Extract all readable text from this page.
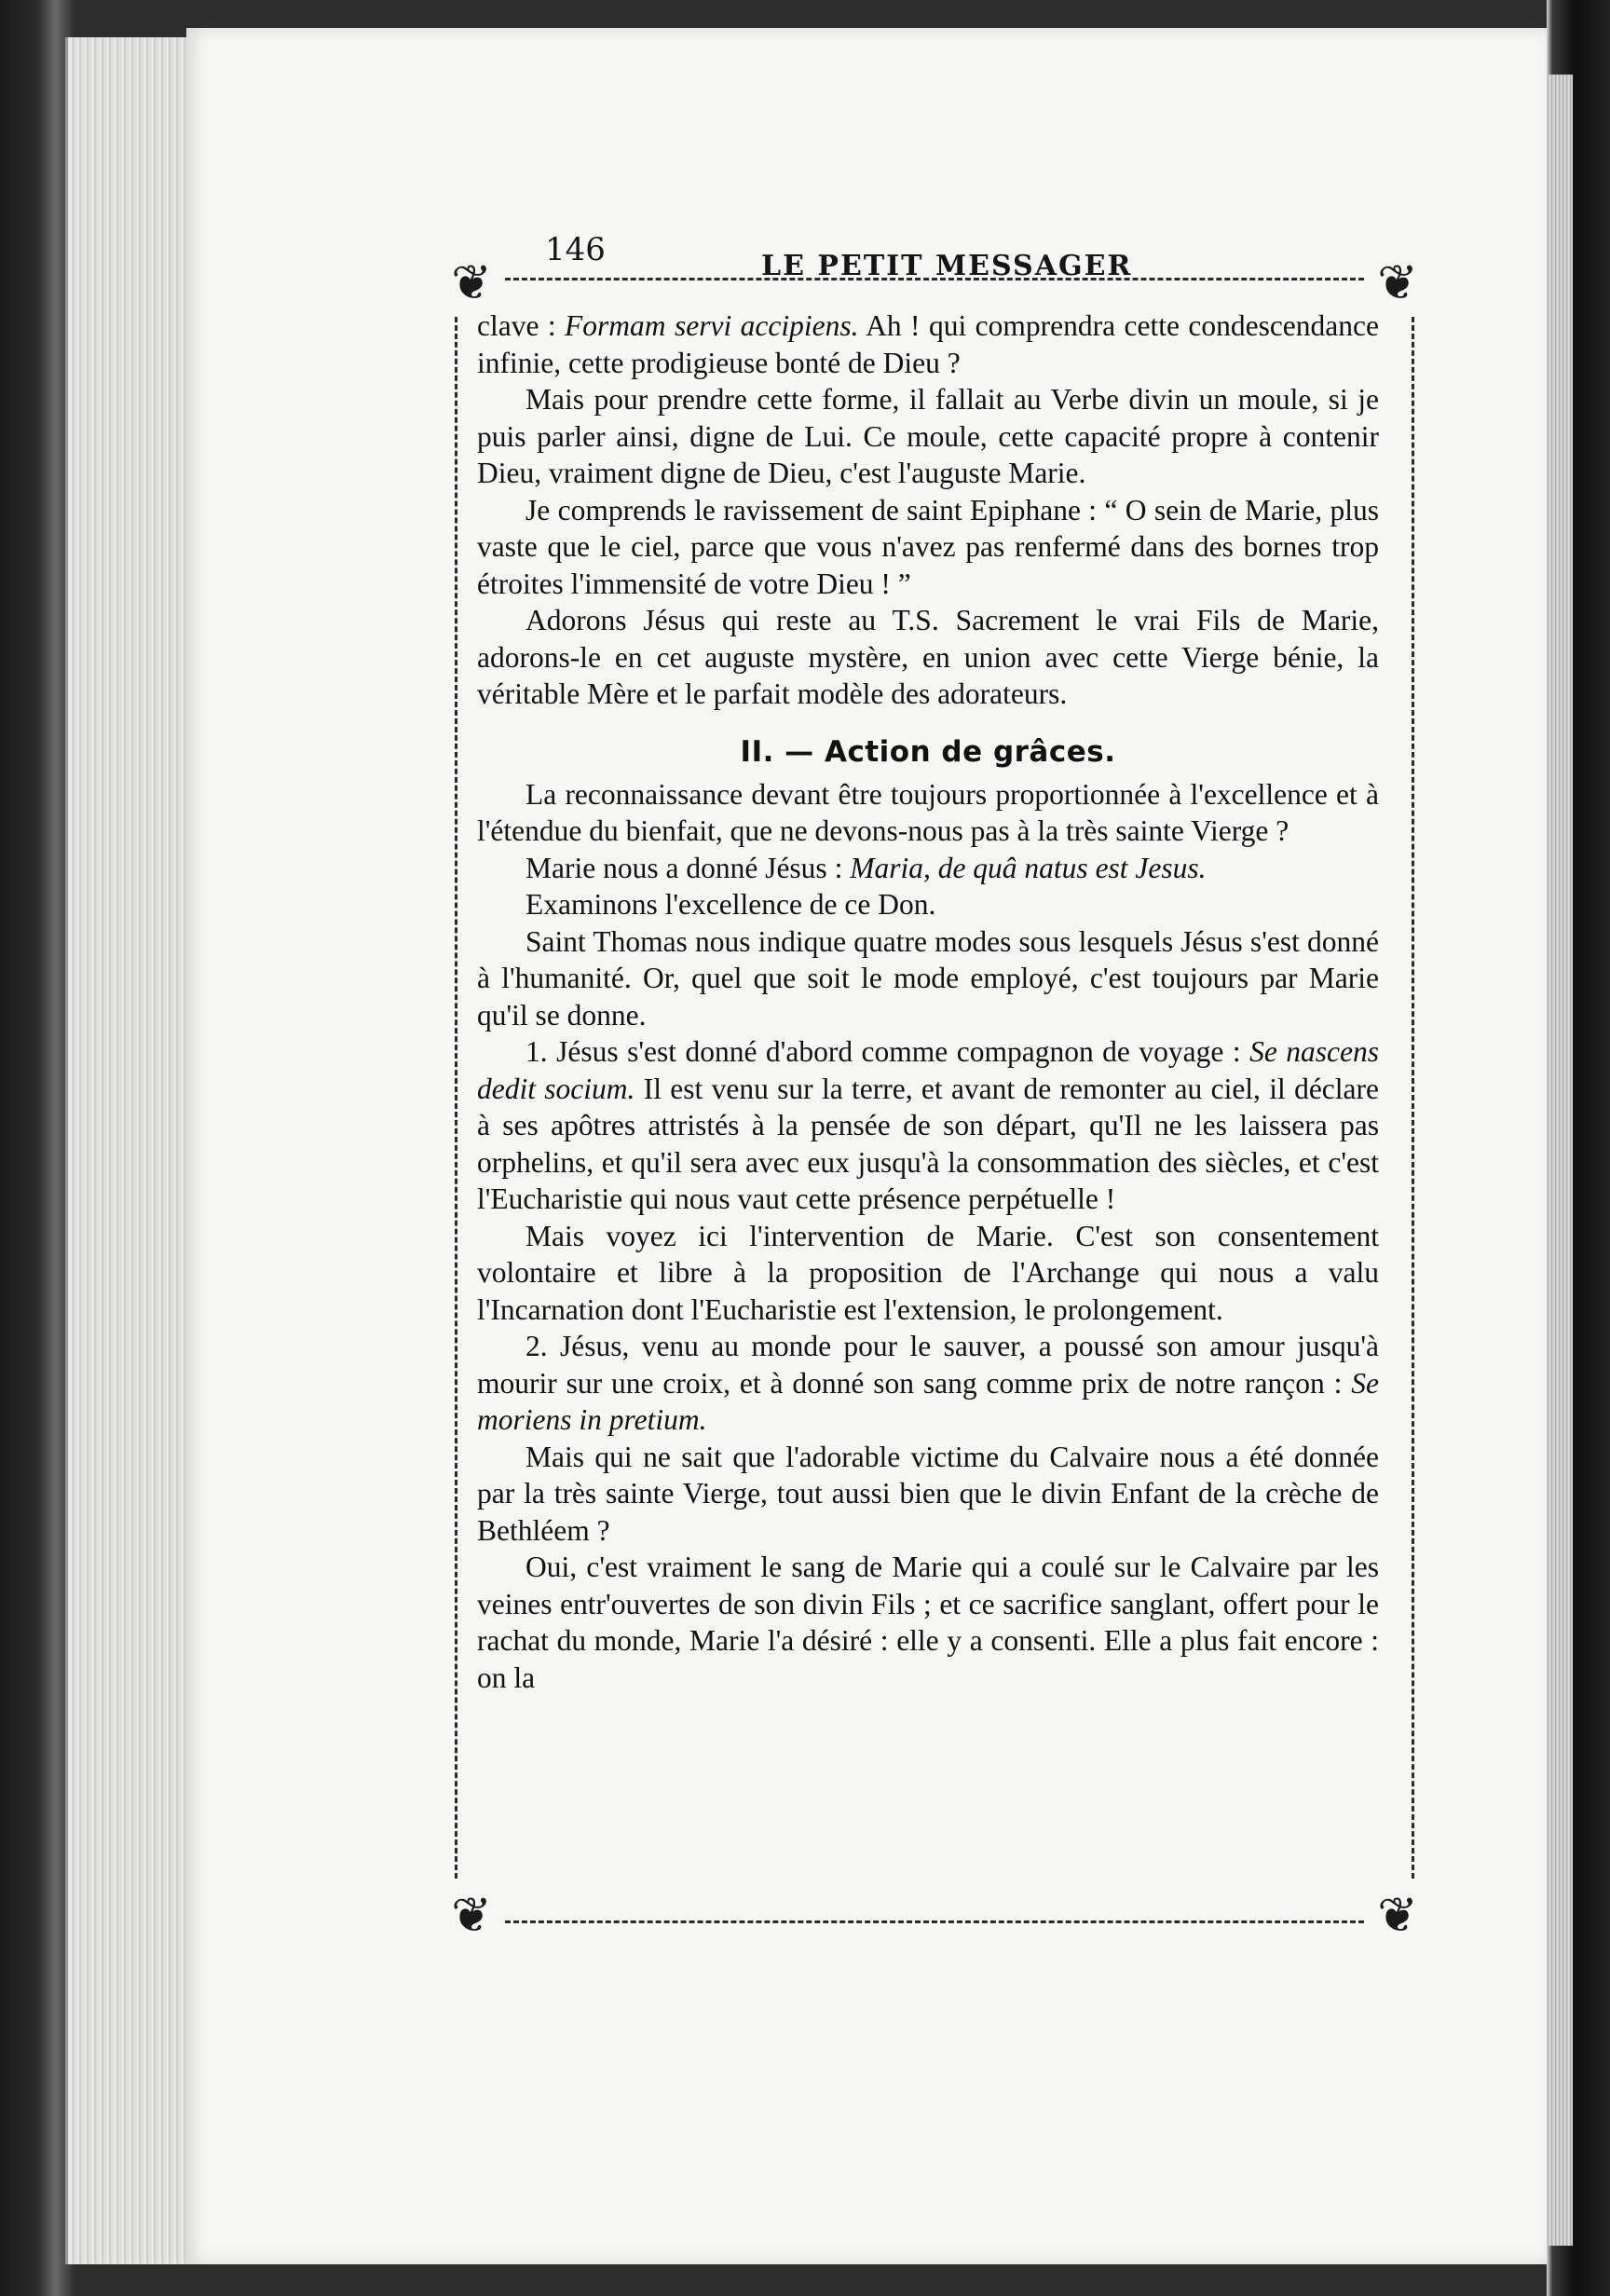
146	LE PETIT MESSAGER
❦	❦
❦	❦

clave : Formam servi accipiens. Ah ! qui comprendra cette condescendance infinie, cette prodigieuse bonté de Dieu ?

Mais pour prendre cette forme, il fallait au Verbe divin un moule, si je puis parler ainsi, digne de Lui. Ce moule, cette capacité propre à contenir Dieu, vraiment digne de Dieu, c'est l'auguste Marie.

Je comprends le ravissement de saint Epiphane : “ O sein de Marie, plus vaste que le ciel, parce que vous n'avez pas renfermé dans des bornes trop étroites l'immensité de votre Dieu ! ”

Adorons Jésus qui reste au T.S. Sacrement le vrai Fils de Marie, adorons-le en cet auguste mystère, en union avec cette Vierge bénie, la véritable Mère et le parfait modèle des adorateurs.

II. — Action de grâces.

La reconnaissance devant être toujours proportionnée à l'excellence et à l'étendue du bienfait, que ne devons-nous pas à la très sainte Vierge ?

Marie nous a donné Jésus : Maria, de quâ natus est Jesus.

Examinons l'excellence de ce Don.

Saint Thomas nous indique quatre modes sous lesquels Jésus s'est donné à l'humanité. Or, quel que soit le mode employé, c'est toujours par Marie qu'il se donne.

1. Jésus s'est donné d'abord comme compagnon de voyage : Se nascens dedit socium. Il est venu sur la terre, et avant de remonter au ciel, il déclare à ses apôtres attristés à la pensée de son départ, qu'Il ne les laissera pas orphelins, et qu'il sera avec eux jusqu'à la consommation des siècles, et c'est l'Eucharistie qui nous vaut cette présence perpétuelle !

Mais voyez ici l'intervention de Marie. C'est son consentement volontaire et libre à la proposition de l'Archange qui nous a valu l'Incarnation dont l'Eucharistie est l'extension, le prolongement.

2. Jésus, venu au monde pour le sauver, a poussé son amour jusqu'à mourir sur une croix, et à donné son sang comme prix de notre rançon : Se moriens in pretium.

Mais qui ne sait que l'adorable victime du Calvaire nous a été donnée par la très sainte Vierge, tout aussi bien que le divin Enfant de la crèche de Bethléem ?

Oui, c'est vraiment le sang de Marie qui a coulé sur le Calvaire par les veines entr'ouvertes de son divin Fils ; et ce sacrifice sanglant, offert pour le rachat du monde, Marie l'a désiré : elle y a consenti. Elle a plus fait encore : on la
